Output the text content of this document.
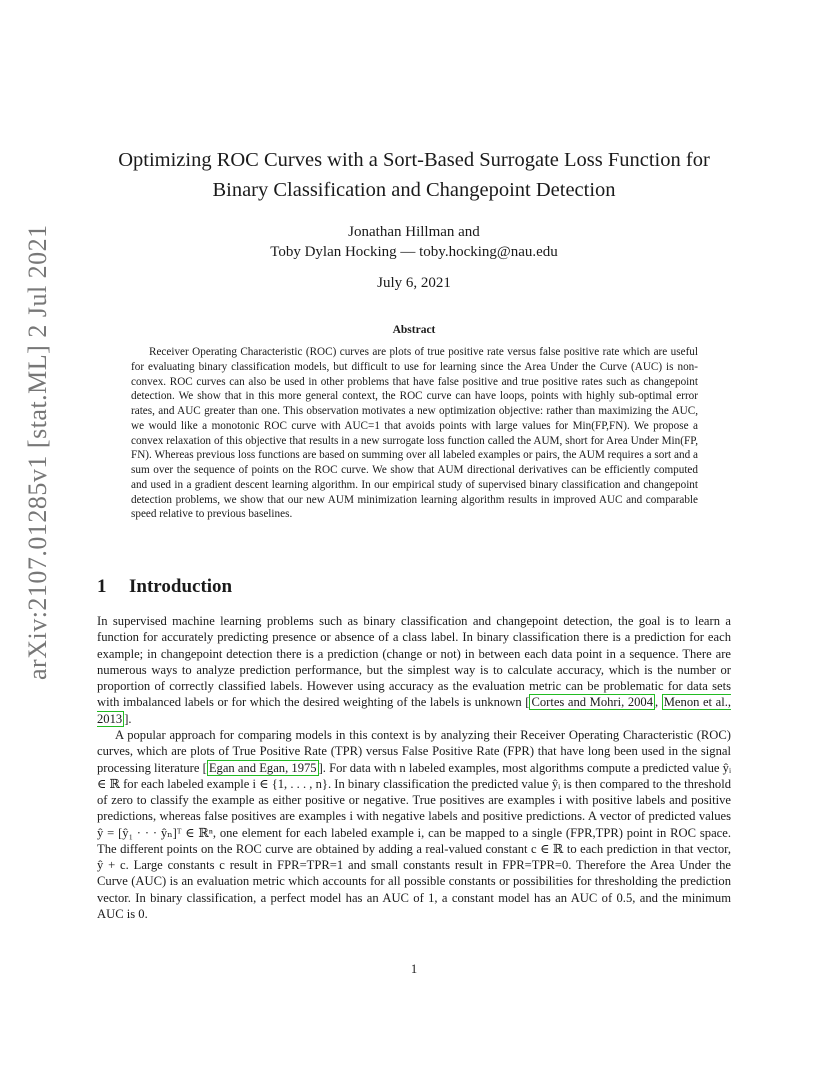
arXiv:2107.01285v1 [stat.ML] 2 Jul 2021
Optimizing ROC Curves with a Sort-Based Surrogate Loss Function for Binary Classification and Changepoint Detection
Jonathan Hillman and
Toby Dylan Hocking — toby.hocking@nau.edu
July 6, 2021
Abstract
Receiver Operating Characteristic (ROC) curves are plots of true positive rate versus false positive rate which are useful for evaluating binary classification models, but difficult to use for learning since the Area Under the Curve (AUC) is non-convex. ROC curves can also be used in other problems that have false positive and true positive rates such as changepoint detection. We show that in this more general context, the ROC curve can have loops, points with highly sub-optimal error rates, and AUC greater than one. This observation motivates a new optimization objective: rather than maximizing the AUC, we would like a monotonic ROC curve with AUC=1 that avoids points with large values for Min(FP,FN). We propose a convex relaxation of this objective that results in a new surrogate loss function called the AUM, short for Area Under Min(FP, FN). Whereas previous loss functions are based on summing over all labeled examples or pairs, the AUM requires a sort and a sum over the sequence of points on the ROC curve. We show that AUM directional derivatives can be efficiently computed and used in a gradient descent learning algorithm. In our empirical study of supervised binary classification and changepoint detection problems, we show that our new AUM minimization learning algorithm results in improved AUC and comparable speed relative to previous baselines.
1 Introduction
In supervised machine learning problems such as binary classification and changepoint detection, the goal is to learn a function for accurately predicting presence or absence of a class label. In binary classification there is a prediction for each example; in changepoint detection there is a prediction (change or not) in between each data point in a sequence. There are numerous ways to analyze prediction performance, but the simplest way is to calculate accuracy, which is the number or proportion of correctly classified labels. However using accuracy as the evaluation metric can be problematic for data sets with imbalanced labels or for which the desired weighting of the labels is unknown [ Cortes and Mohri, 2004 , Menon et al., 2013 ].
A popular approach for comparing models in this context is by analyzing their Receiver Operating Characteristic (ROC) curves, which are plots of True Positive Rate (TPR) versus False Positive Rate (FPR) that have long been used in the signal processing literature [ Egan and Egan, 1975 ]. For data with n labeled examples, most algorithms compute a predicted value ŷᵢ ∈ ℝ for each labeled example i ∈ {1, . . . , n}. In binary classification the predicted value ŷᵢ is then compared to the threshold of zero to classify the example as either positive or negative. True positives are examples i with positive labels and positive predictions, whereas false positives are examples i with negative labels and positive predictions. A vector of predicted values ŷ = [ŷ₁ · · · ŷₙ]ᵀ ∈ ℝⁿ, one element for each labeled example i, can be mapped to a single (FPR,TPR) point in ROC space. The different points on the ROC curve are obtained by adding a real-valued constant c ∈ ℝ to each prediction in that vector, ŷ + c. Large constants c result in FPR=TPR=1 and small constants result in FPR=TPR=0. Therefore the Area Under the Curve (AUC) is an evaluation metric which accounts for all possible constants or possibilities for thresholding the prediction vector. In binary classification, a perfect model has an AUC of 1, a constant model has an AUC of 0.5, and the minimum AUC is 0.
1
